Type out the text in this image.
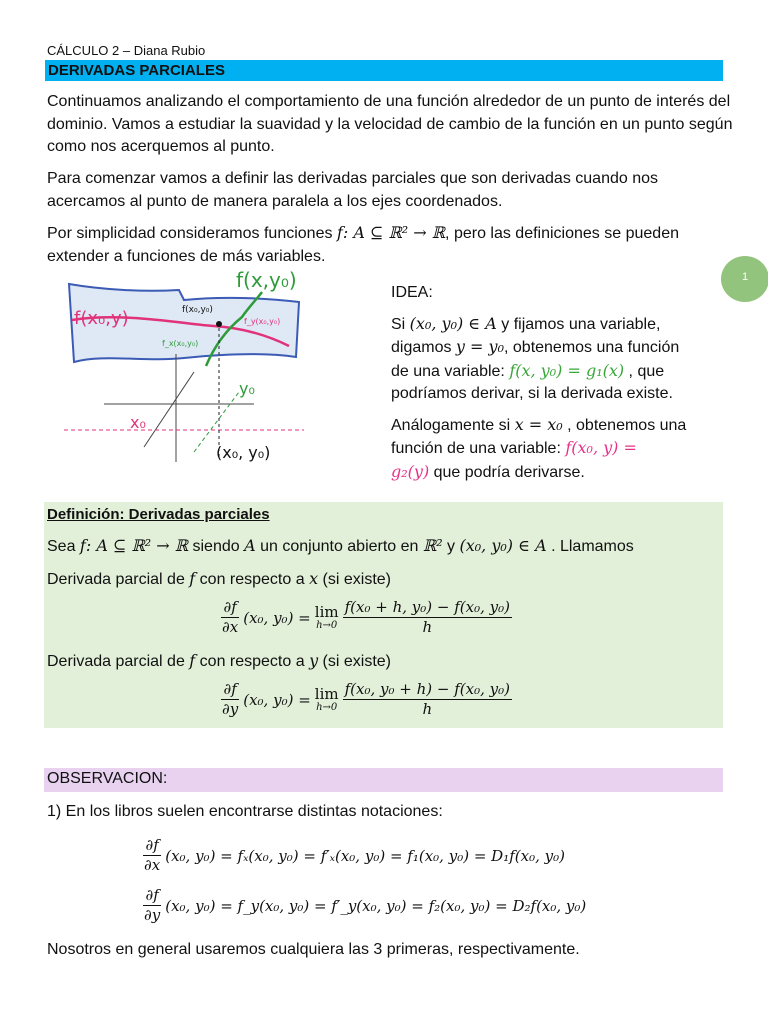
CÁLCULO 2 – Diana Rubio
DERIVADAS PARCIALES
1
Continuamos analizando el comportamiento de una función alrededor de un punto de interés del dominio. Vamos a estudiar la suavidad y la velocidad de cambio de la función en un punto según como nos acerquemos al punto.
Para comenzar vamos a definir las derivadas parciales que son derivadas cuando nos acercamos al punto de manera paralela a los ejes coordenados.
Por simplicidad consideramos funciones f: A ⊆ ℝ² → ℝ, pero las definiciones se pueden extender a funciones de más variables.
f(x,y₀)
f(x₀,y)	f(x₀,y₀)
f_y(x₀,y₀)
f_x(x₀,y₀)
y₀
x₀
(x₀, y₀)
IDEA:
Si (x₀, y₀) ∈ A y fijamos una variable,
digamos y = y₀, obtenemos una función
de una variable: f(x, y₀) = g₁(x) , que
podríamos derivar, si la derivada existe.
Análogamente si x = x₀ , obtenemos una
función de una variable: f(x₀, y) =
g₂(y) que podría derivarse.
Definición: Derivadas parciales
Sea f: A ⊆ ℝ² → ℝ siendo A un conjunto abierto en ℝ² y (x₀, y₀) ∈ A . Llamamos
Derivada parcial de f con respecto a x (si existe)
$\frac{\partial f}{\partial x} (x_0$, y₀) = lim
$h\to 0 \frac{\text{f(x₀ + h, y₀) − f(x₀, y₀)}}{h}$
Derivada parcial de f con respecto a y (si existe)
$\frac{\partial f}{\partial y} (x_0$, y₀) = lim
$h\to 0 \frac{\text{f(x₀, y₀ + h) − f(x₀, y₀)}}{h}$
OBSERVACION:
1) En los libros suelen encontrarse distintas notaciones:
$\frac{\partial f}{\partial x} (x_0$, y₀) = fₓ(x₀, y₀) = f′ₓ(x₀, y₀) = f₁(x₀, y₀) = D₁f(x₀, y₀)
$\frac{\partial f}{\partial y} (x_0$, y₀) = f_y(x₀, y₀) = f′_y(x₀, y₀) = f₂(x₀, y₀) = D₂f(x₀, y₀)
Nosotros en general usaremos cualquiera las 3 primeras, respectivamente.
